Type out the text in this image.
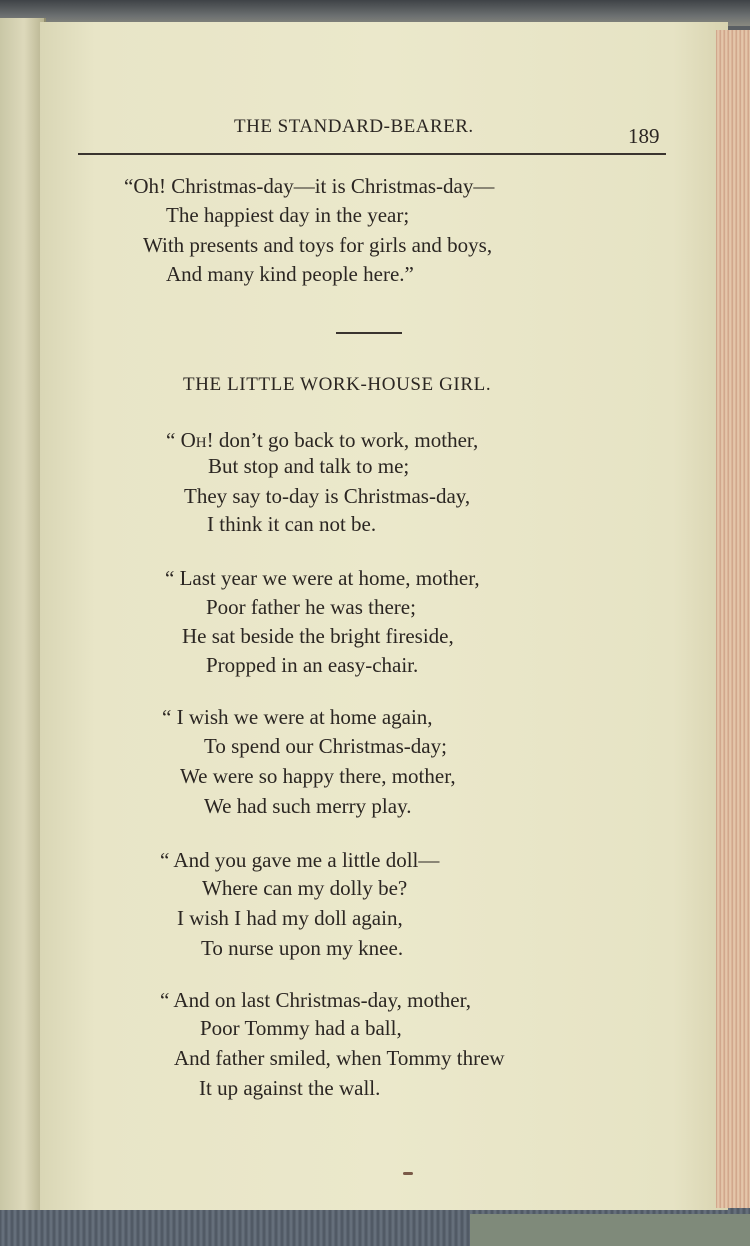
THE STANDARD-BEARER.	189
“Oh! Christmas-day—it is Christmas-day—
The happiest day in the year;
With presents and toys for girls and boys,
And many kind people here.”
THE LITTLE WORK-HOUSE GIRL.
“ Oh! don’t go back to work, mother,
But stop and talk to me;
They say to-day is Christmas-day,
I think it can not be.
“ Last year we were at home, mother,
Poor father he was there;
He sat beside the bright fireside,
Propped in an easy-chair.
“ I wish we were at home again,
To spend our Christmas-day;
We were so happy there, mother,
We had such merry play.
“ And you gave me a little doll—
Where can my dolly be?
I wish I had my doll again,
To nurse upon my knee.
“ And on last Christmas-day, mother,
Poor Tommy had a ball,
And father smiled, when Tommy threw
It up against the wall.
